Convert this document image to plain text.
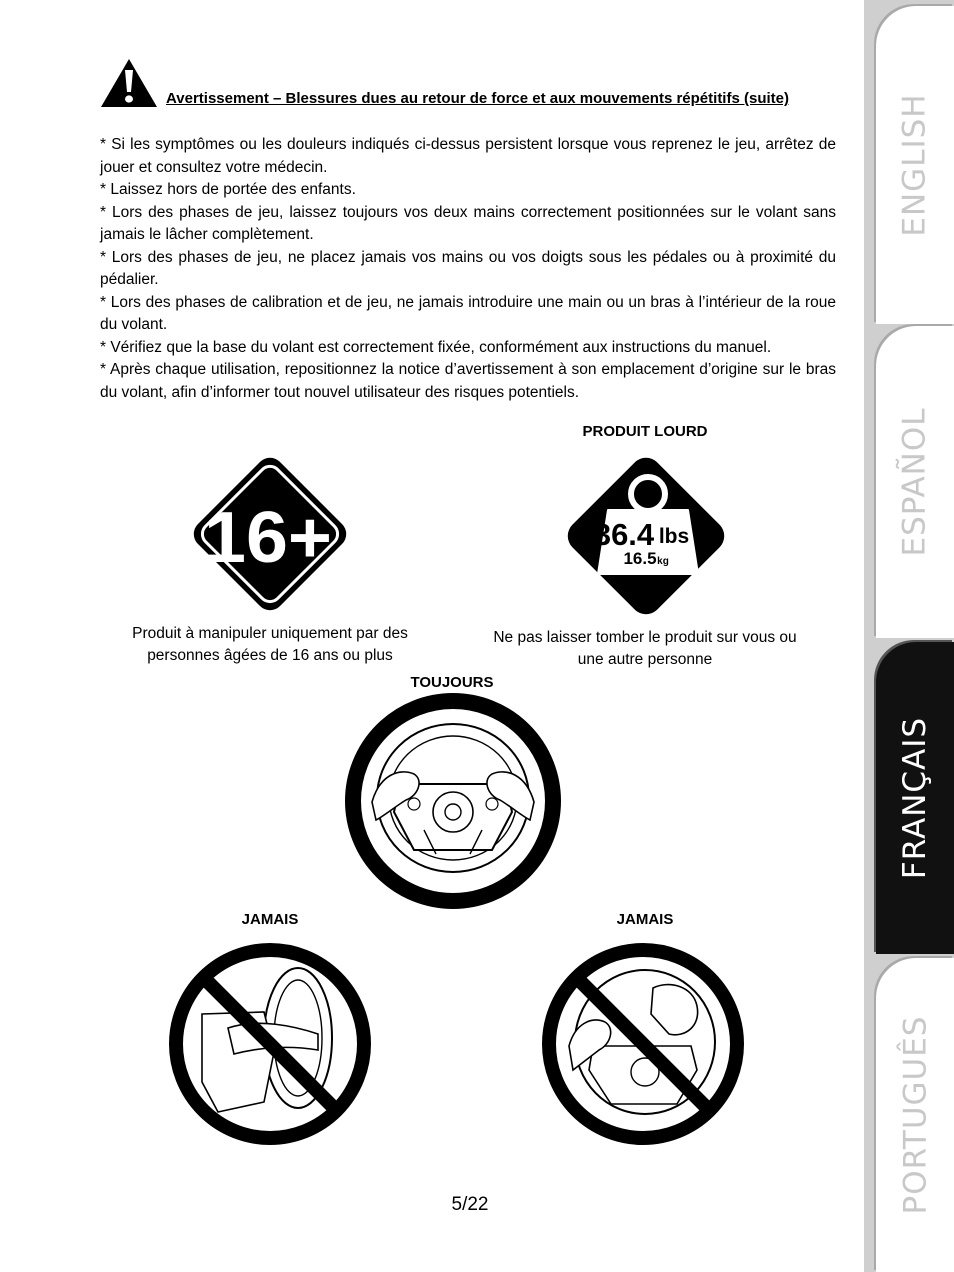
Avertissement – Blessures dues au retour de force et aux mouvements répétitifs (suite)

* Si les symptômes ou les douleurs indiqués ci-dessus persistent lorsque vous reprenez le jeu, arrêtez de jouer et consultez votre médecin.

* Laissez hors de portée des enfants.

* Lors des phases de jeu, laissez toujours vos deux mains correctement positionnées sur le volant sans jamais le lâcher complètement.

* Lors des phases de jeu, ne placez jamais vos mains ou vos doigts sous les pédales ou à proximité du pédalier.

* Lors des phases de calibration et de jeu, ne jamais introduire une main ou un bras à l’intérieur de la roue du volant.

* Vérifiez que la base du volant est correctement fixée, conformément aux instructions du manuel.

* Après chaque utilisation, repositionnez la notice d’avertissement à son emplacement d’origine sur le bras du volant, afin d’informer tout nouvel utilisateur des risques potentiels.

16+
Produit à manipuler uniquement par des
personnes âgées de 16 ans ou plus
PRODUIT LOURD
36.4 lbs
16.5 kg
Ne pas laisser tomber le produit sur vous ou
une autre personne
TOUJOURS
JAMAIS	JAMAIS
5/22
ENGLISH
ESPAÑOL
FRANÇAIS
PORTUGUÊS
